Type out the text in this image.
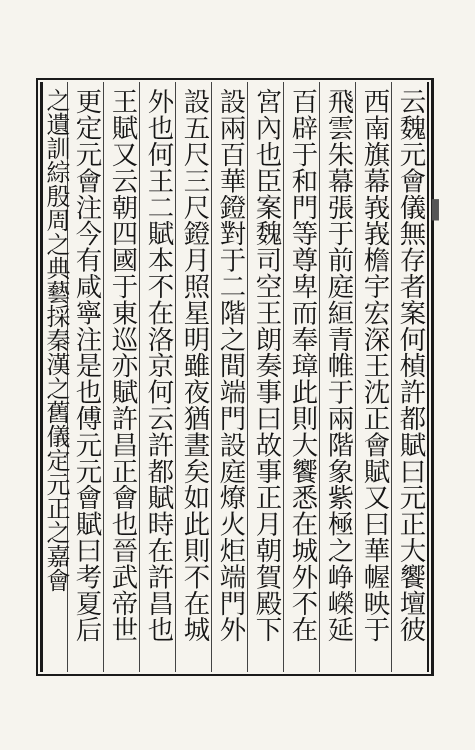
云魏元會儀無存者案何楨許都賦曰元正大饗壇彼
西南旗幕峩峩檐宇宏深王沈正會賦又曰華幄映于
飛雲朱幕張于前庭絙青帷于兩階象紫極之峥嶸延
百辟于和門等尊卑而奉璋此則大饗悉在城外不在
宮內也臣案魏司空王朗奏事曰故事正月朝賀殿下
設兩百華鐙對于二階之間端門設庭燎火炬端門外
設五尺三尺鐙月照星明雖夜猶晝矣如此則不在城
外也何王二賦本不在洛京何云許都賦時在許昌也
王賦又云朝四國于東巡亦賦許昌正會也晉武帝世
更定元會注今有咸寧注是也傅元元會賦曰考夏后
之遺訓綜殷周之典藝採秦漢之舊儀定元正之嘉會	▌
